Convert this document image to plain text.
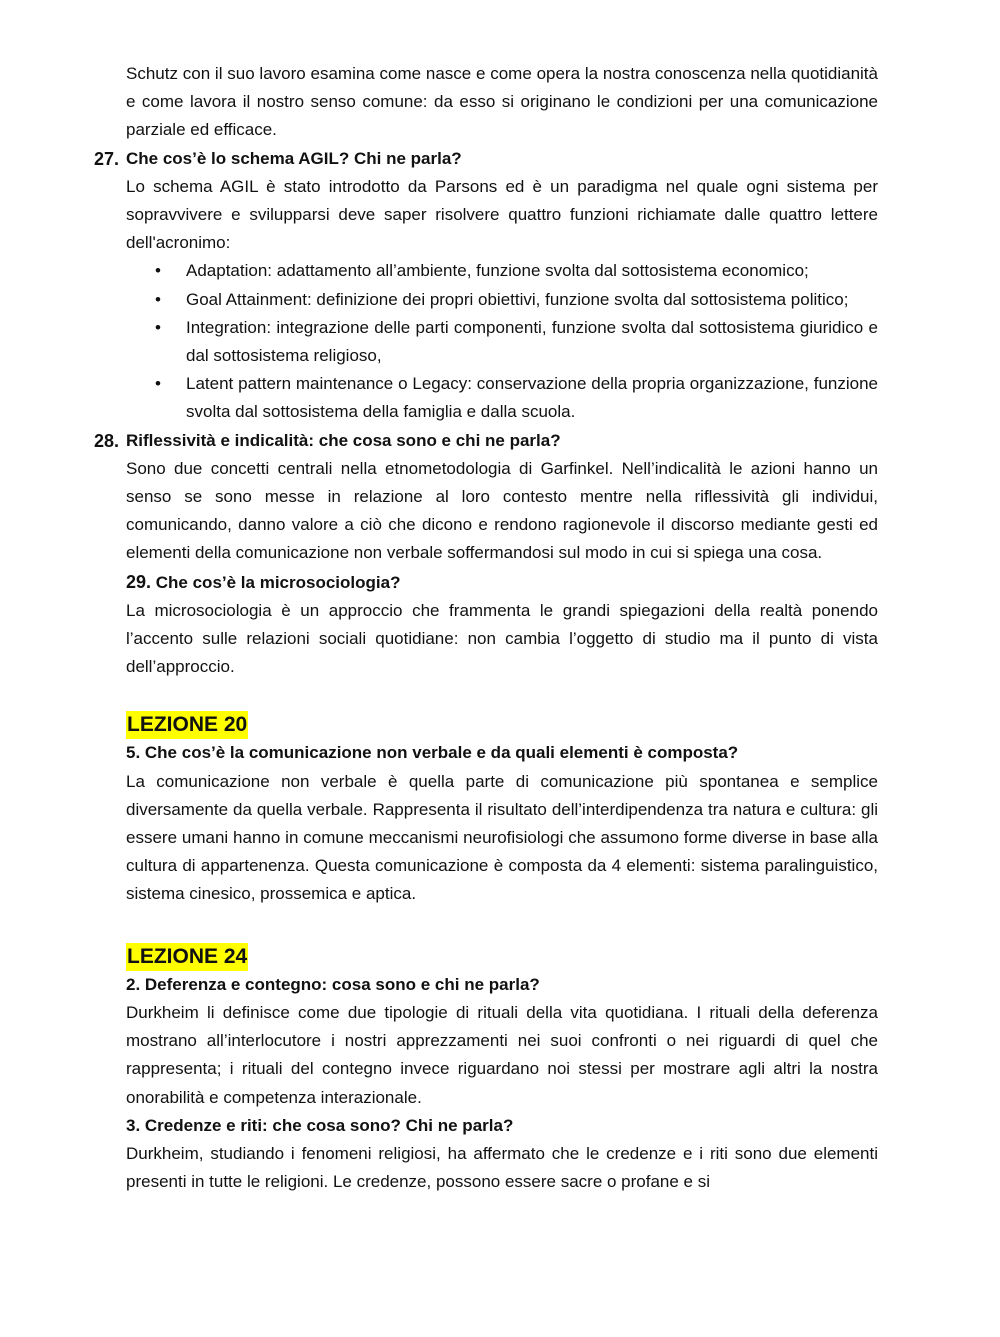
Schutz con il suo lavoro esamina come nasce e come opera la nostra conoscenza nella quotidianità e come lavora il nostro senso comune: da esso si originano le condizioni per una comunicazione parziale ed efficace.

27. Che cos’è lo schema AGIL? Chi ne parla?

Lo schema AGIL è stato introdotto da Parsons ed è un paradigma nel quale ogni sistema per sopravvivere e svilupparsi deve saper risolvere quattro funzioni richiamate dalle quattro lettere dell'acronimo:

• Adaptation: adattamento all’ambiente, funzione svolta dal sottosistema economico;
• Goal Attainment: definizione dei propri obiettivi, funzione svolta dal sottosistema politico;
• Integration: integrazione delle parti componenti, funzione svolta dal sottosistema giuridico e dal sottosistema religioso,
• Latent pattern maintenance o Legacy: conservazione della propria organizzazione, funzione svolta dal sottosistema della famiglia e dalla scuola.
28. Riflessività e indicalità: che cosa sono e chi ne parla?

Sono due concetti centrali nella etnometodologia di Garfinkel. Nell’indicalità le azioni hanno un senso se sono messe in relazione al loro contesto mentre nella riflessività gli individui, comunicando, danno valore a ciò che dicono e rendono ragionevole il discorso mediante gesti ed elementi della comunicazione non verbale soffermandosi sul modo in cui si spiega una cosa.

29. Che cos’è la microsociologia?

La microsociologia è un approccio che frammenta le grandi spiegazioni della realtà ponendo l’accento sulle relazioni sociali quotidiane: non cambia l’oggetto di studio ma il punto di vista dell’approccio.

LEZIONE 20
5. Che cos’è la comunicazione non verbale e da quali elementi è composta?

La comunicazione non verbale è quella parte di comunicazione più spontanea e semplice diversamente da quella verbale. Rappresenta il risultato dell’interdipendenza tra natura e cultura: gli essere umani hanno in comune meccanismi neurofisiologi che assumono forme diverse in base alla cultura di appartenenza. Questa comunicazione è composta da 4 elementi: sistema paralinguistico, sistema cinesico, prossemica e aptica.

LEZIONE 24
2. Deferenza e contegno: cosa sono e chi ne parla?

Durkheim li definisce come due tipologie di rituali della vita quotidiana. I rituali della deferenza mostrano all’interlocutore i nostri apprezzamenti nei suoi confronti o nei riguardi di quel che rappresenta; i rituali del contegno invece riguardano noi stessi per mostrare agli altri la nostra onorabilità e competenza interazionale.

3. Credenze e riti: che cosa sono? Chi ne parla?

Durkheim, studiando i fenomeni religiosi, ha affermato che le credenze e i riti sono due elementi presenti in tutte le religioni. Le credenze, possono essere sacre o profane e si
